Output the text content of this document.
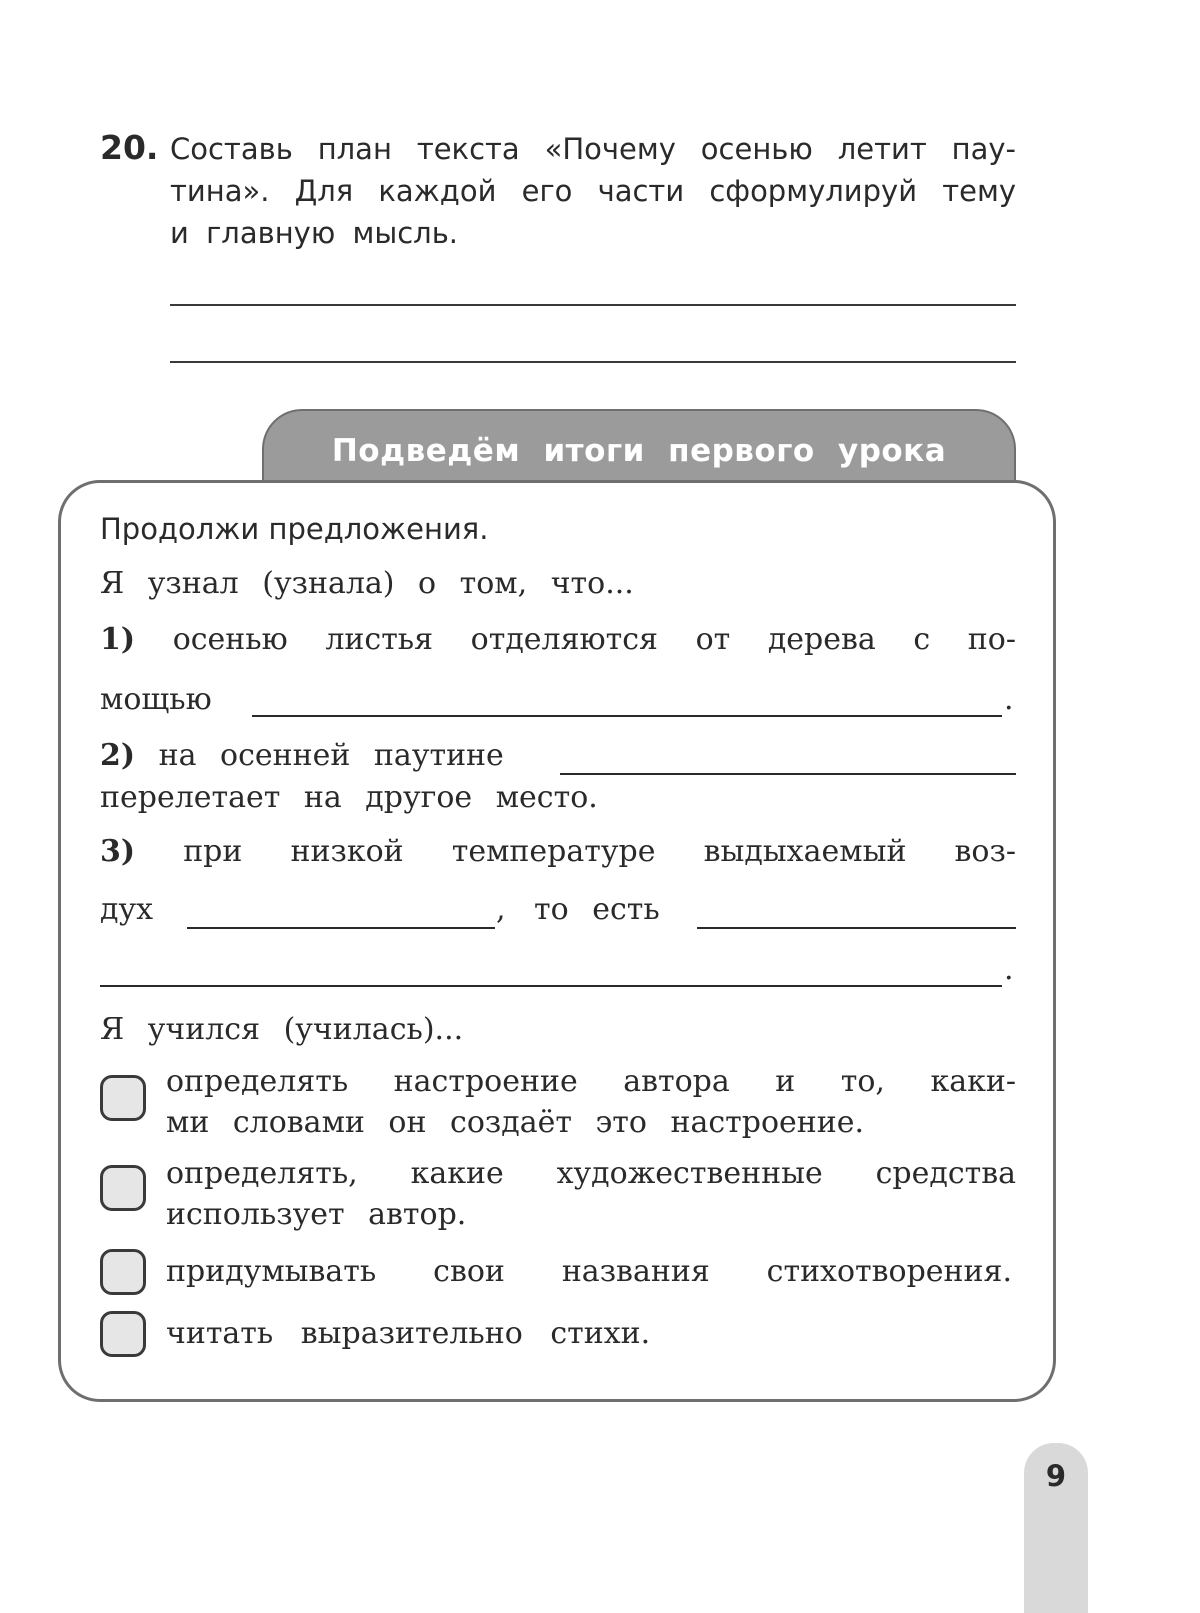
20. Составь план текста «Почему осенью летит пау-
тина». Для каждой его части сформулируй тему
и главную мысль.
Подведём итоги первого урока
Продолжи предложения.
Я узнал (узнала) о том, что...
1) осенью листья отделяются от дерева с по-
мощью	.
2) на осенней паутине
перелетает на другое место.
3) при низкой температуре выдыхаемый воз-
дух	, то есть
.
Я учился (училась)...
определять настроение автора и то, каки-
ми словами он создаёт это настроение.
определять, какие художественные средства
использует автор.
придумывать свои названия стихотворения.
читать выразительно стихи.
9
